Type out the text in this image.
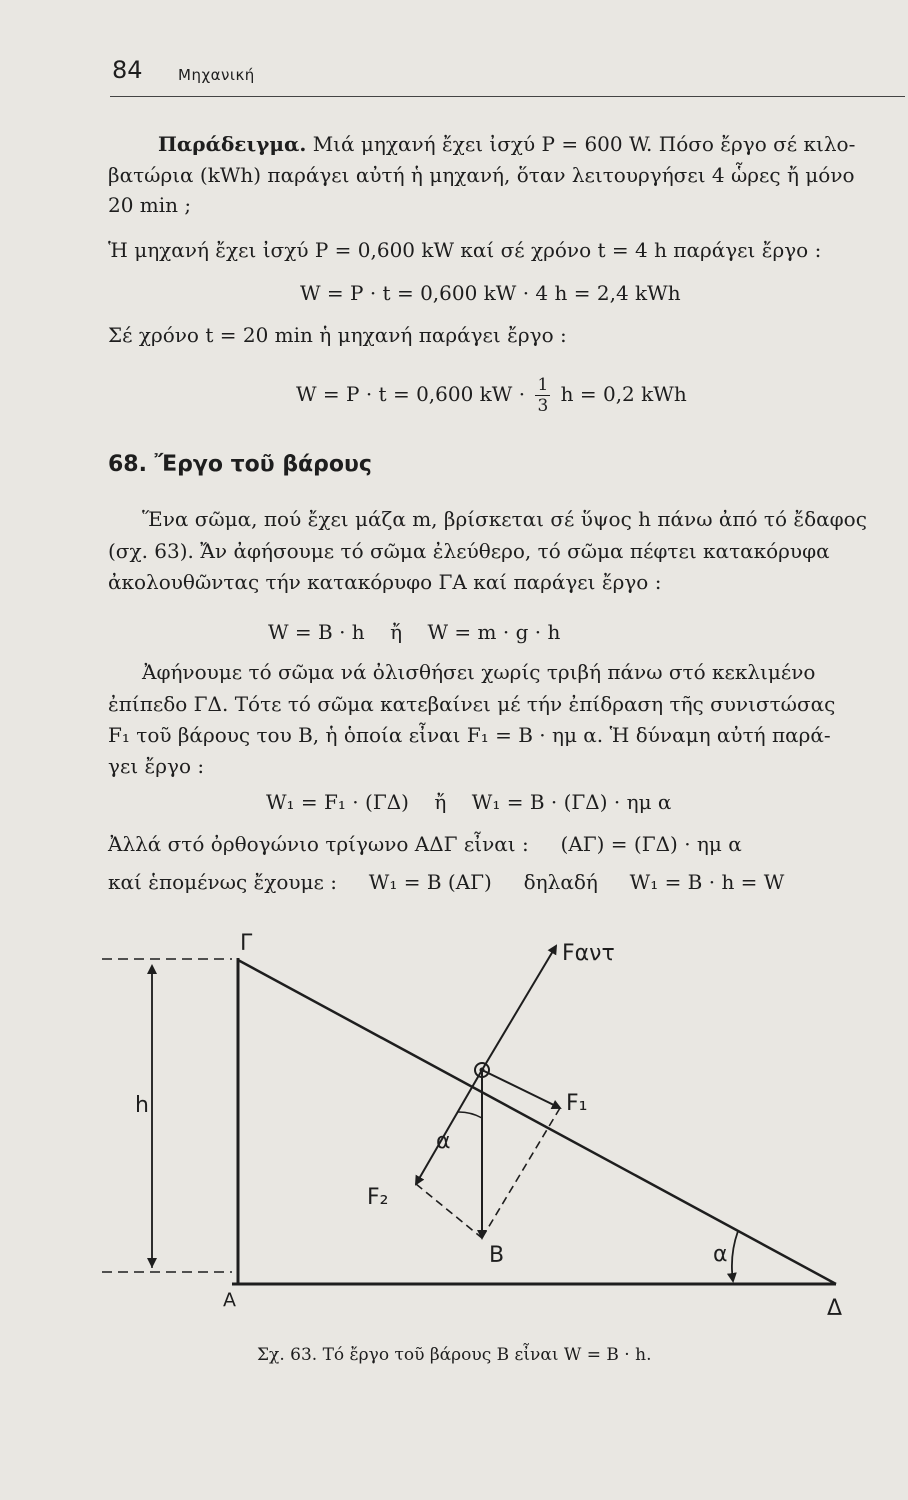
84 Μηχανική
Παράδειγμα. Μιά μηχανή ἔχει ἰσχύ P = 600 W. Πόσο ἔργο σέ κιλο-
βατώρια (kWh) παράγει αὐτή ἡ μηχανή, ὅταν λειτουργήσει 4 ὧρες ἤ μόνο
20 min ;
Ἡ μηχανή ἔχει ἰσχύ P = 0,600 kW καί σέ χρόνο t = 4 h παράγει ἔργο :
W = P · t = 0,600 kW · 4 h = 2,4 kWh
Σέ χρόνο t = 20 min ἡ μηχανή παράγει ἔργο :
W = P · t = 0,600 kW · $\frac{1}{3}$ h = 0,2 kWh
68. Ἔργο τοῦ βάρους
Ἕνα σῶμα, πού ἔχει μάζα m, βρίσκεται σέ ὕψος h πάνω ἀπό τό ἔδαφος
(σχ. 63). Ἄν ἀφήσουμε τό σῶμα ἐλεύθερο, τό σῶμα πέφτει κατακόρυφα
ἀκολουθῶντας τήν κατακόρυφο ΓΑ καί παράγει ἔργο :
W = B · h    ἤ    W = m · g · h
Ἀφήνουμε τό σῶμα νά ὀλισθήσει χωρίς τριβή πάνω στό κεκλιμένο
ἐπίπεδο ΓΔ. Τότε τό σῶμα κατεβαίνει μέ τήν ἐπίδραση τῆς συνιστώσας
F₁ τοῦ βάρους του Β, ἡ ὁποία εἶναι F₁ = B · ημ α. Ἡ δύναμη αὐτή παρά-
γει ἔργο :
W₁ = F₁ · (ΓΔ)    ἤ    W₁ = B · (ΓΔ) · ημ α
Ἀλλά στό ὀρθογώνιο τρίγωνο ΑΔΓ εἶναι :     (ΑΓ) = (ΓΔ) · ημ α
καί ἑπομένως ἔχουμε :     W₁ = B (ΑΓ)     δηλαδή     W₁ = B · h = W
Γ
Α	Δ
h
α
α
Β
F₁
F₂
Fαντ
Σχ. 63. Τό ἔργο τοῦ βάρους Β εἶναι W = B · h.
